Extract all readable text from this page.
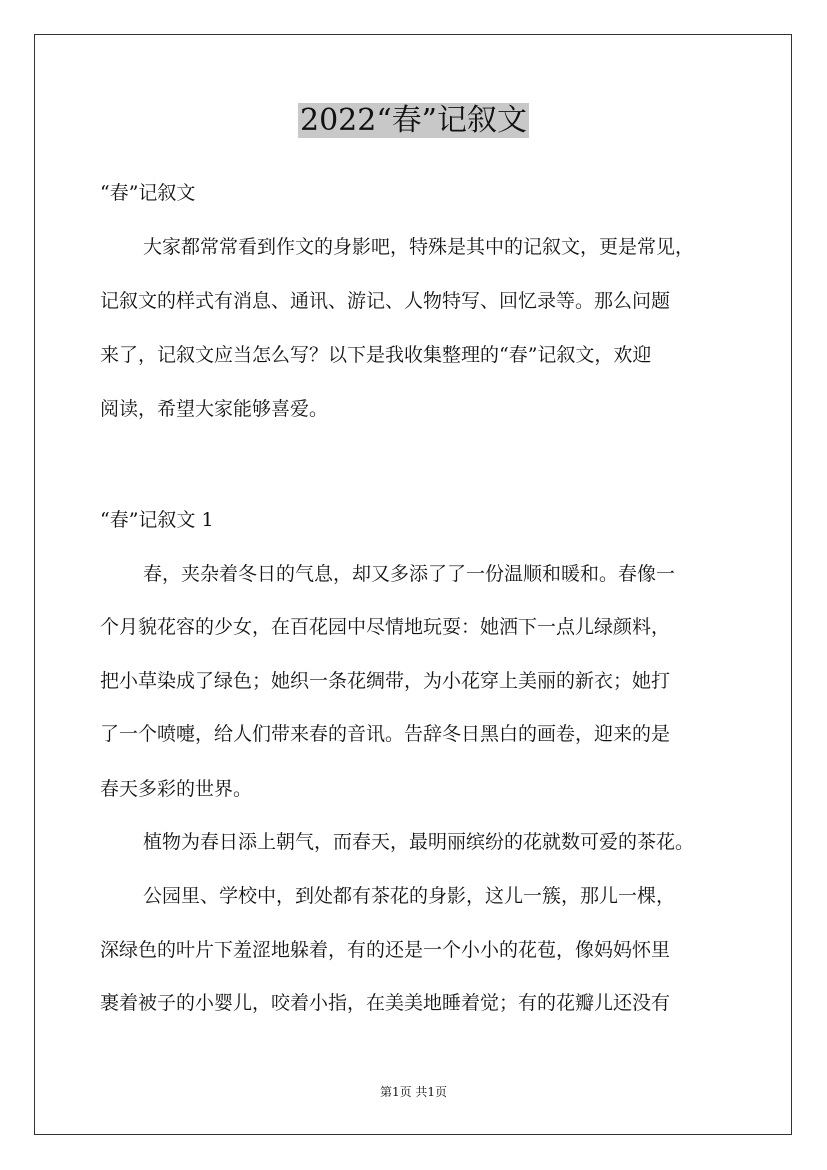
2022“春”记叙文

“春”记叙文

大家都常常看到作文的身影吧，特殊是其中的记叙文，更是常见，

记叙文的样式有消息、通讯、游记、人物特写、回忆录等。那么问题

来了，记叙文应当怎么写？以下是我收集整理的“春”记叙文，欢迎

阅读，希望大家能够喜爱。

“春”记叙文 1

春，夹杂着冬日的气息，却又多添了了一份温顺和暖和。春像一

个月貌花容的少女，在百花园中尽情地玩耍：她洒下一点儿绿颜料，

把小草染成了绿色；她织一条花绸带，为小花穿上美丽的新衣；她打

了一个喷嚏，给人们带来春的音讯。告辞冬日黑白的画卷，迎来的是

春天多彩的世界。

植物为春日添上朝气，而春天，最明丽缤纷的花就数可爱的茶花。

公园里、学校中，到处都有茶花的身影，这儿一簇，那儿一棵，

深绿色的叶片下羞涩地躲着，有的还是一个小小的花苞，像妈妈怀里

裹着被子的小婴儿，咬着小指，在美美地睡着觉；有的花瓣儿还没有

第1页 共1页
